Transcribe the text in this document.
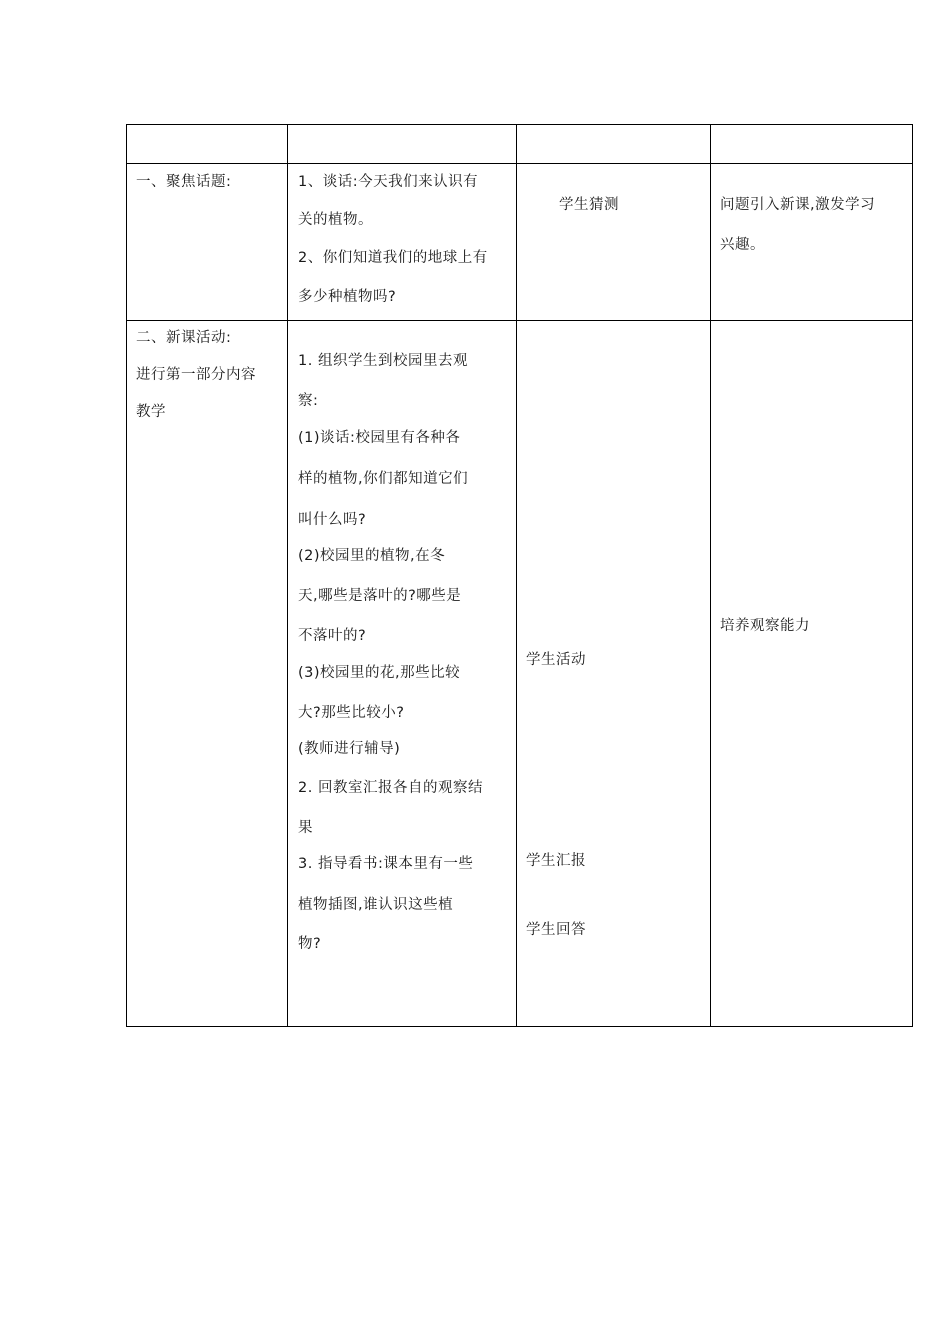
一、聚焦话题:	1、谈话:今天我们来认识有
关的植物。
2、你们知道我们的地球上有
多少种植物吗?
学生猜测	问题引入新课,激发学习
兴趣。
二、新课活动:
进行第一部分内容
教学
1. 组织学生到校园里去观
察:
(1)谈话:校园里有各种各
样的植物,你们都知道它们
叫什么吗?
(2)校园里的植物,在冬
天,哪些是落叶的?哪些是
不落叶的?
(3)校园里的花,那些比较
大?那些比较小?
(教师进行辅导)
2. 回教室汇报各自的观察结
果
3. 指导看书:课本里有一些
植物插图,谁认识这些植
物?
学生活动
学生汇报
学生回答
培养观察能力
